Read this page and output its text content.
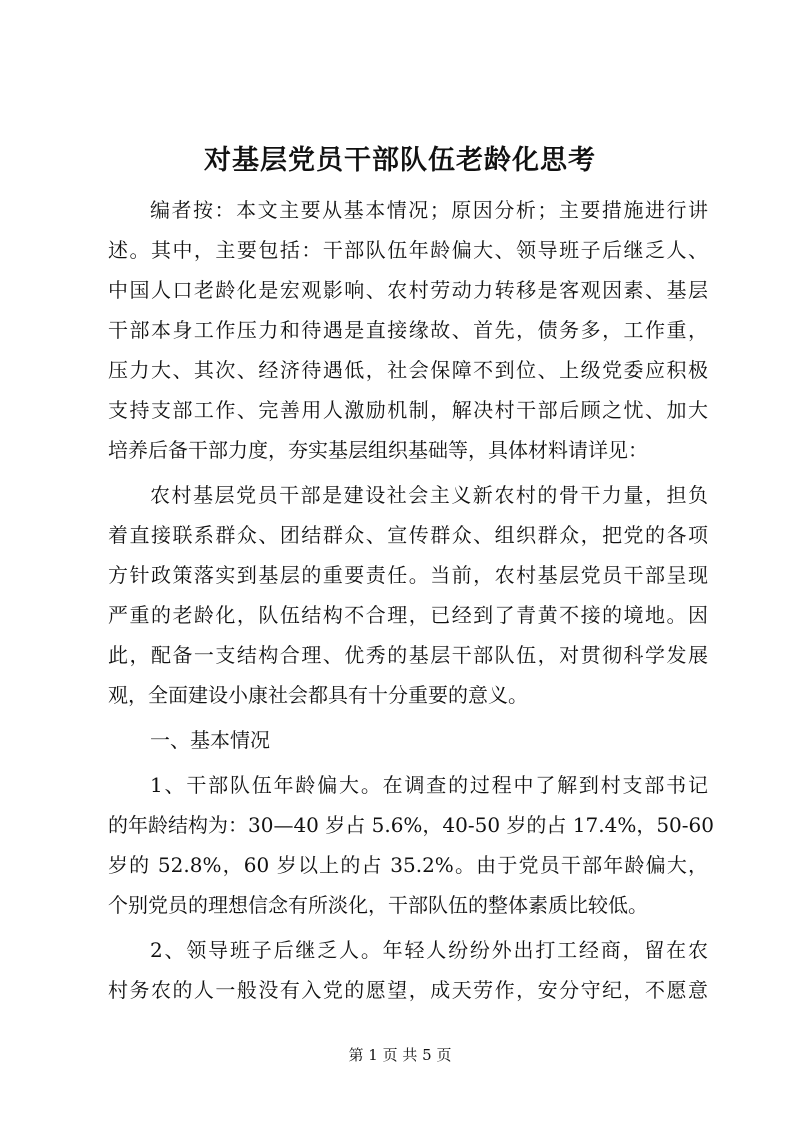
对基层党员干部队伍老龄化思考
编者按：本文主要从基本情况；原因分析；主要措施进行讲
述。其中，主要包括：干部队伍年龄偏大、领导班子后继乏人、
中国人口老龄化是宏观影响、农村劳动力转移是客观因素、基层
干部本身工作压力和待遇是直接缘故、首先，债务多，工作重，
压力大、其次、经济待遇低，社会保障不到位、上级党委应积极
支持支部工作、完善用人激励机制，解决村干部后顾之忧、加大
培养后备干部力度，夯实基层组织基础等，具体材料请详见：
农村基层党员干部是建设社会主义新农村的骨干力量，担负
着直接联系群众、团结群众、宣传群众、组织群众，把党的各项
方针政策落实到基层的重要责任。当前，农村基层党员干部呈现
严重的老龄化，队伍结构不合理，已经到了青黄不接的境地。因
此，配备一支结构合理、优秀的基层干部队伍，对贯彻科学发展
观，全面建设小康社会都具有十分重要的意义。
一、基本情况
1、干部队伍年龄偏大。在调查的过程中了解到村支部书记
的年龄结构为：30—40 岁占 5.6%，40-50 岁的占 17.4%，50-60
岁的 52.8%，60 岁以上的占 35.2%。由于党员干部年龄偏大，
个别党员的理想信念有所淡化，干部队伍的整体素质比较低。
2、领导班子后继乏人。年轻人纷纷外出打工经商，留在农
村务农的人一般没有入党的愿望，成天劳作，安分守纪，不愿意
第 1 页 共 5 页
